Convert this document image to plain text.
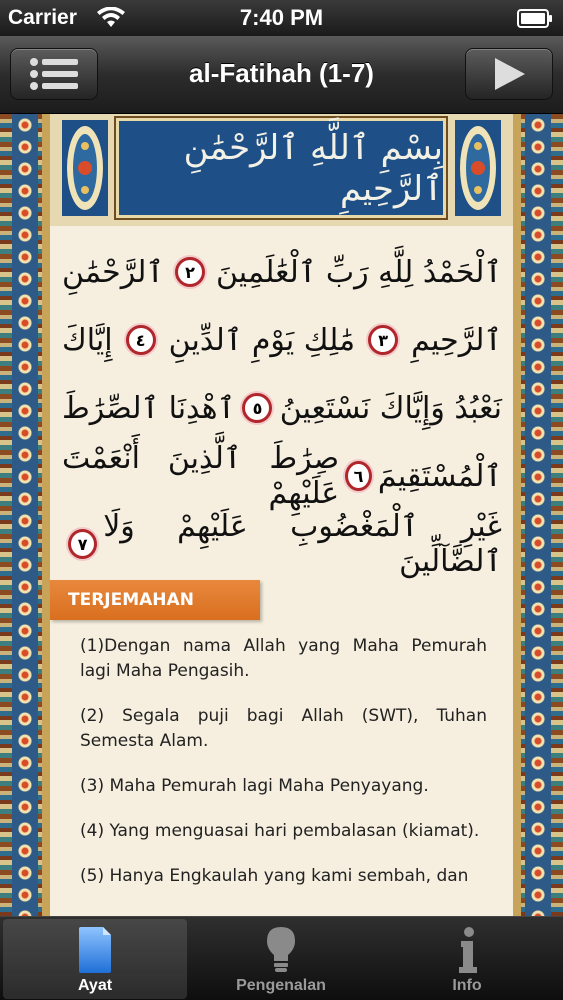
Carrier	7:40 PM
al-Fatihah (1-7)
بِسْمِ ٱللَّهِ ٱلرَّحْمَٰنِ ٱلرَّحِيمِ
ٱلْحَمْدُ لِلَّهِ رَبِّ ٱلْعَٰلَمِينَ
٢
ٱلرَّحْمَٰنِ
ٱلرَّحِيمِ
٣
مَٰلِكِ يَوْمِ ٱلدِّينِ
٤
إِيَّاكَ
نَعْبُدُ وَإِيَّاكَ نَسْتَعِينُ
٥
ٱهْدِنَا ٱلصِّرَٰطَ
ٱلْمُسْتَقِيمَ
٦
صِرَٰطَ ٱلَّذِينَ أَنْعَمْتَ عَلَيْهِمْ
غَيْرِ ٱلْمَغْضُوبِ عَلَيْهِمْ وَلَا ٱلضَّآلِّينَ
٧
TERJEMAHAN

(1)Dengan nama Allah yang Maha Pemurah lagi Maha Pengasih.

(2) Segala puji bagi Allah (SWT), Tuhan Semesta Alam.

(3) Maha Pemurah lagi Maha Penyayang.

(4) Yang menguasai hari pembalasan (kiamat).

(5) Hanya Engkaulah yang kami sembah, dan

Ayat	Pengenalan	Info
